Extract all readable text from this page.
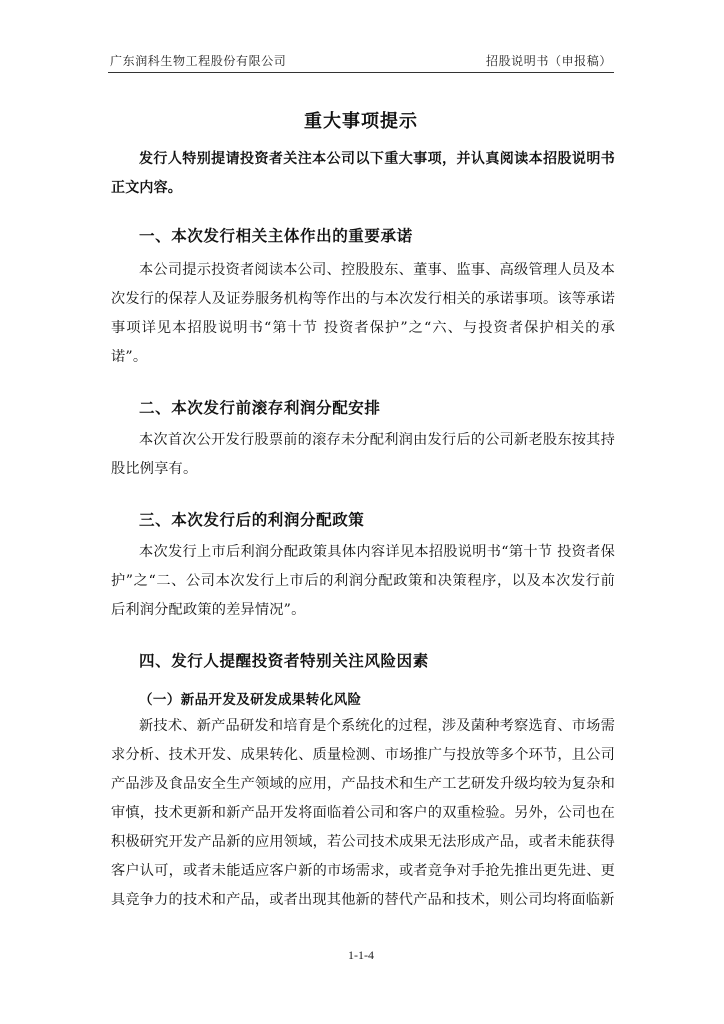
广东润科生物工程股份有限公司	招股说明书（申报稿）
重大事项提示
发行人特别提请投资者关注本公司以下重大事项，并认真阅读本招股说明书正文内容。
一、本次发行相关主体作出的重要承诺
本公司提示投资者阅读本公司、控股股东、董事、监事、高级管理人员及本次发行的保荐人及证券服务机构等作出的与本次发行相关的承诺事项。该等承诺事项详见本招股说明书“第十节 投资者保护”之“六、与投资者保护相关的承诺”。
二、本次发行前滚存利润分配安排
本次首次公开发行股票前的滚存未分配利润由发行后的公司新老股东按其持股比例享有。
三、本次发行后的利润分配政策
本次发行上市后利润分配政策具体内容详见本招股说明书“第十节 投资者保护”之“二、公司本次发行上市后的利润分配政策和决策程序，以及本次发行前后利润分配政策的差异情况”。
四、发行人提醒投资者特别关注风险因素
（一）新品开发及研发成果转化风险
新技术、新产品研发和培育是个系统化的过程，涉及菌种考察选育、市场需求分析、技术开发、成果转化、质量检测、市场推广与投放等多个环节，且公司产品涉及食品安全生产领域的应用，产品技术和生产工艺研发升级均较为复杂和审慎，技术更新和新产品开发将面临着公司和客户的双重检验。另外，公司也在积极研究开发产品新的应用领域，若公司技术成果无法形成产品，或者未能获得客户认可，或者未能适应客户新的市场需求，或者竞争对手抢先推出更先进、更具竞争力的技术和产品，或者出现其他新的替代产品和技术，则公司均将面临新
1-1-4
